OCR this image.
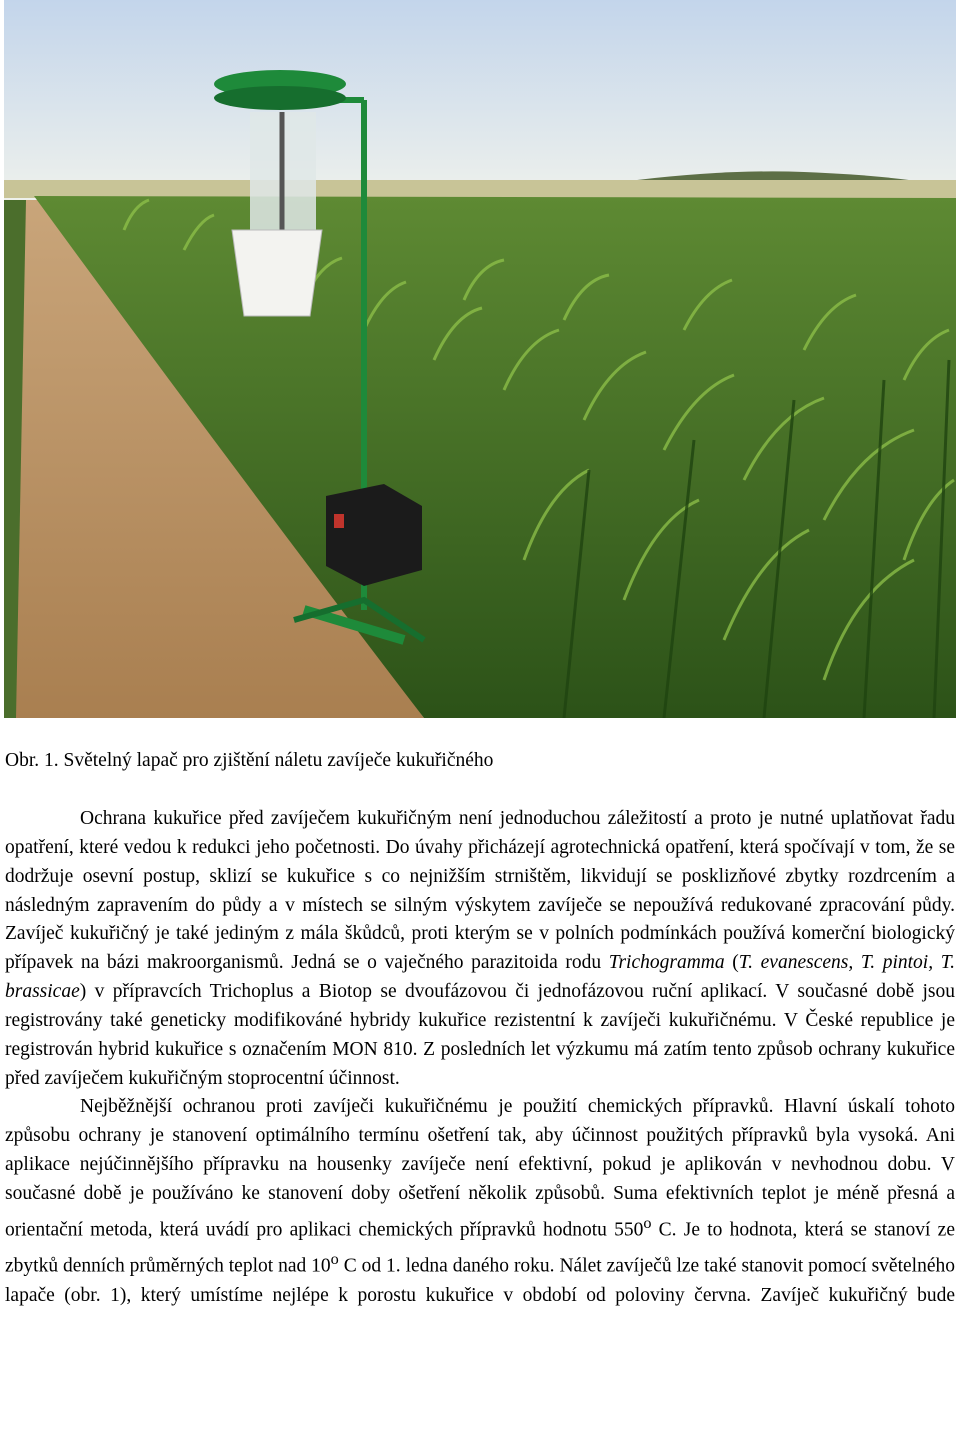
Obr. 1. Světelný lapač pro zjištění náletu zavíječe kukuřičného

Ochrana kukuřice před zavíječem kukuřičným není jednoduchou záležitostí a proto je nutné uplatňovat řadu opatření, které vedou k redukci jeho početnosti. Do úvahy přicházejí agrotechnická opatření, která spočívají v tom, že se dodržuje osevní postup, sklizí se kukuřice s co nejnižším strništěm, likvidují se posklizňové zbytky rozdrcením a následným zapravením do půdy a v místech se silným výskytem zavíječe se nepoužívá redukované zpracování půdy. Zavíječ kukuřičný je také jediným z mála škůdců, proti kterým se v polních podmínkách používá komerční biologický přípavek na bázi makroorganismů. Jedná se o vaječného parazitoida rodu Trichogramma (T. evanescens, T. pintoi, T. brassicae) v přípravcích Trichoplus a Biotop se dvoufázovou či jednofázovou ruční aplikací. V současné době jsou registrovány také geneticky modifikováné hybridy kukuřice rezistentní k zavíječi kukuřičnému. V České republice je registrován hybrid kukuřice s označením MON 810. Z posledních let výzkumu má zatím tento způsob ochrany kukuřice před zavíječem kukuřičným stoprocentní účinnost.

Nejběžnější ochranou proti zavíječi kukuřičnému je použití chemických přípravků. Hlavní úskalí tohoto způsobu ochrany je stanovení optimálního termínu ošetření tak, aby účinnost použitých přípravků byla vysoká. Ani aplikace nejúčinnějšího přípravku na housenky zavíječe není efektivní, pokud je aplikován v nevhodnou dobu. V současné době je používáno ke stanovení doby ošetření několik způsobů. Suma efektivních teplot je méně přesná a orientační metoda, která uvádí pro aplikaci chemických přípravků hodnotu 550$^o$ C. Je to hodnota, která se stanoví ze zbytků denních průměrných teplot nad 10$^o$ C od 1. ledna daného roku. Nálet zavíječů lze také stanovit pomocí světelného lapače (obr. 1), který umístíme nejlépe k porostu kukuřice v období od poloviny června. Zavíječ kukuřičný bude
